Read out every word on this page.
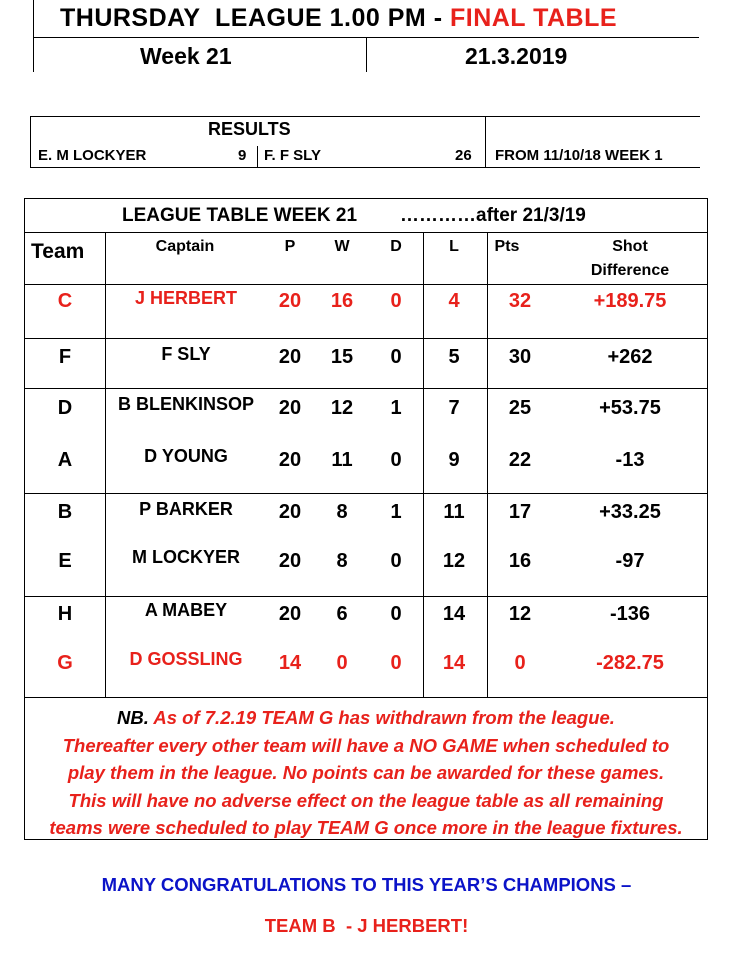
THURSDAY  LEAGUE 1.00 PM - FINAL TABLE
Week 21	21.3.2019
RESULTS
E. M LOCKYER	9 F. F SLY	26 FROM 11/10/18 WEEK 1
LEAGUE TABLE WEEK 21 …………after 21/3/19
Team	Captain	P	W	D	L	Pts	Shot
Difference
C	J HERBERT	20	16	0	4	32	+189.75
F	F SLY	20	15	0	5	30	+262
D	B BLENKINSOP	20	12	1	7	25	+53.75
A	D YOUNG	20	11	0	9	22	-13
B	P BARKER	20	8	1	11	17	+33.25
E	M LOCKYER	20	8	0	12	16	-97
H	A MABEY	20	6	0	14	12	-136
G	D GOSSLING	14	0	0	14	0	-282.75
NB. As of 7.2.19 TEAM G has withdrawn from the league.
Thereafter every other team will have a NO GAME when scheduled to
play them in the league. No points can be awarded for these games.
This will have no adverse effect on the league table as all remaining
teams were scheduled to play TEAM G once more in the league fixtures.
MANY CONGRATULATIONS TO THIS YEAR’S CHAMPIONS –
TEAM B  - J HERBERT!
